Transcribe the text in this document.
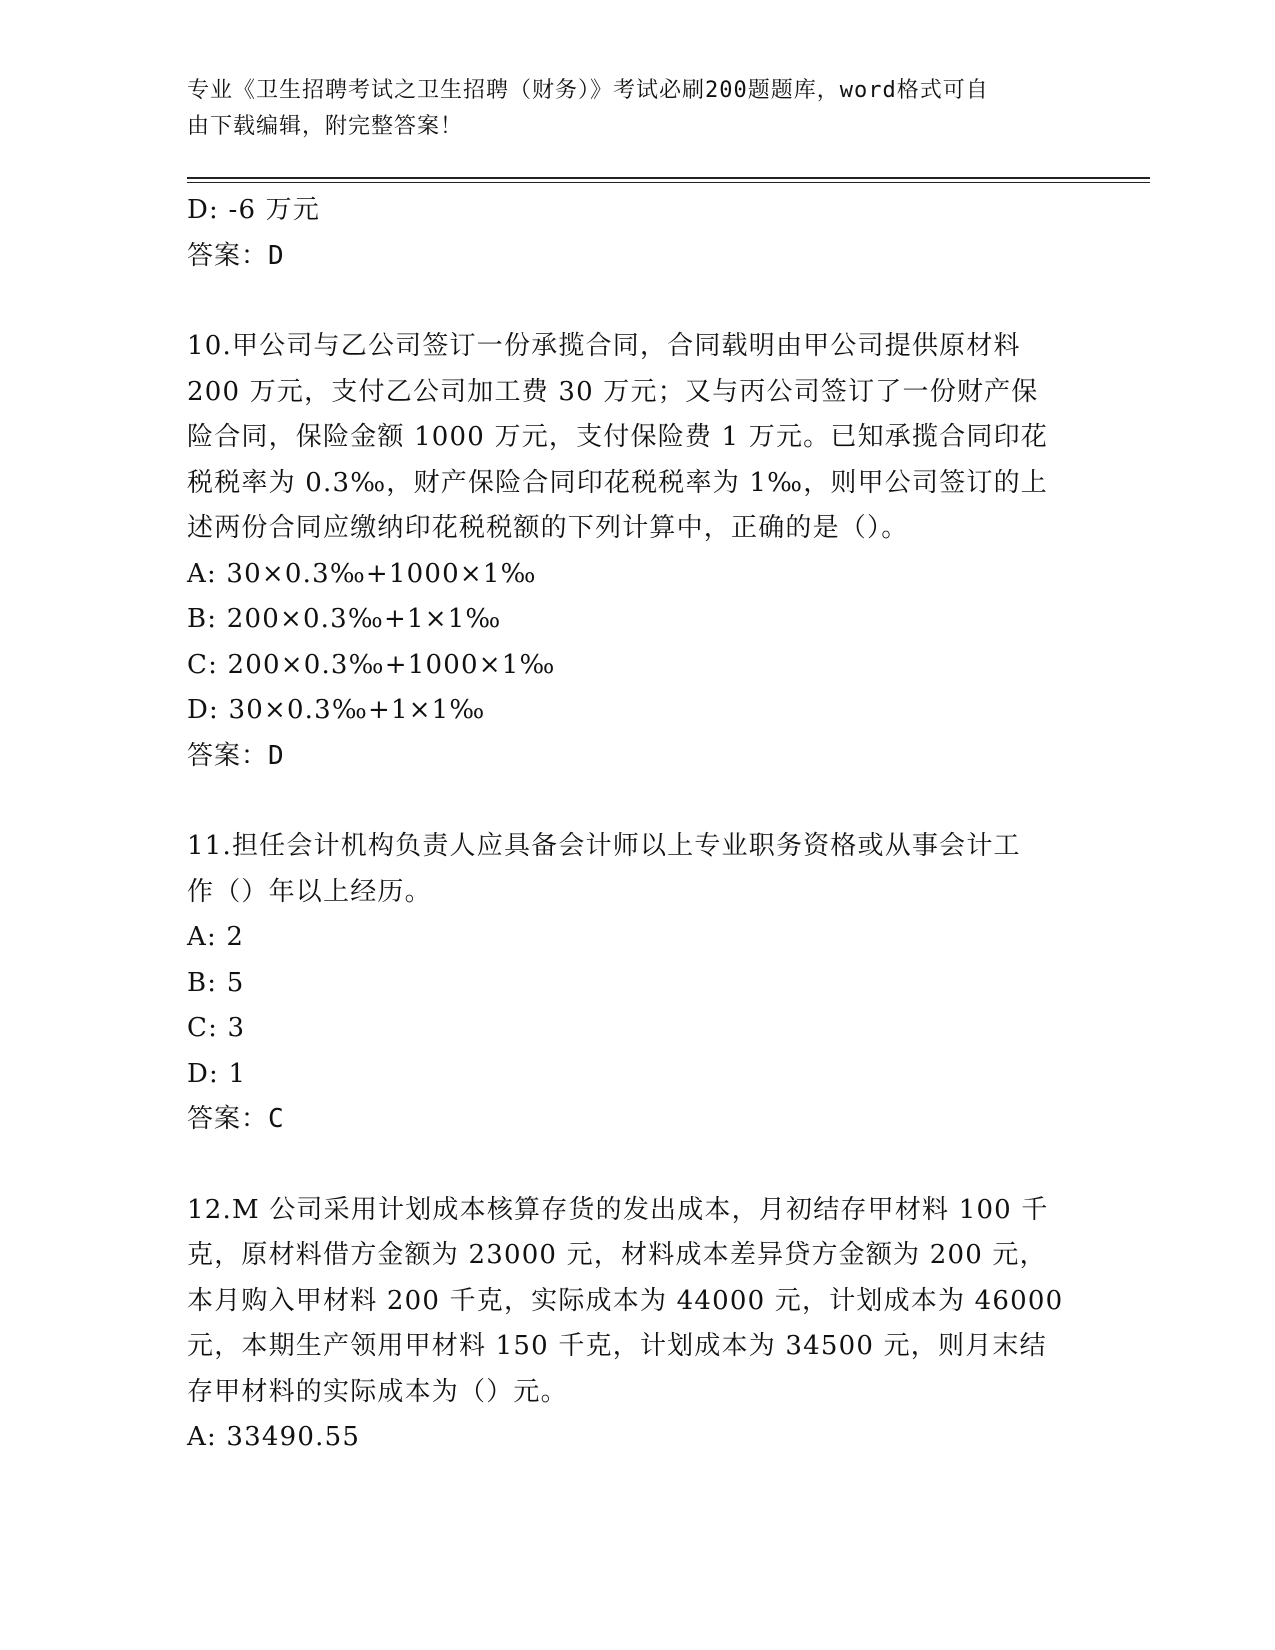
专业《卫生招聘考试之卫生招聘（财务）》考试必刷200题题库，word格式可自
由下载编辑，附完整答案！
D: -6 万元
答案：D
10.甲公司与乙公司签订一份承揽合同，合同载明由甲公司提供原材料
200 万元，支付乙公司加工费 30 万元；又与丙公司签订了一份财产保
险合同，保险金额 1000 万元，支付保险费 1 万元。已知承揽合同印花
税税率为 0.3‰，财产保险合同印花税税率为 1‰，则甲公司签订的上
述两份合同应缴纳印花税税额的下列计算中，正确的是（）。
A: 30×0.3‰+1000×1‰
B: 200×0.3‰+1×1‰
C: 200×0.3‰+1000×1‰
D: 30×0.3‰+1×1‰
答案：D
11.担任会计机构负责人应具备会计师以上专业职务资格或从事会计工
作（）年以上经历。
A: 2
B: 5
C: 3
D: 1
答案：C
12.M 公司采用计划成本核算存货的发出成本，月初结存甲材料 100 千
克，原材料借方金额为 23000 元，材料成本差异贷方金额为 200 元，
本月购入甲材料 200 千克，实际成本为 44000 元，计划成本为 46000
元，本期生产领用甲材料 150 千克，计划成本为 34500 元，则月末结
存甲材料的实际成本为（）元。
A: 33490.55
